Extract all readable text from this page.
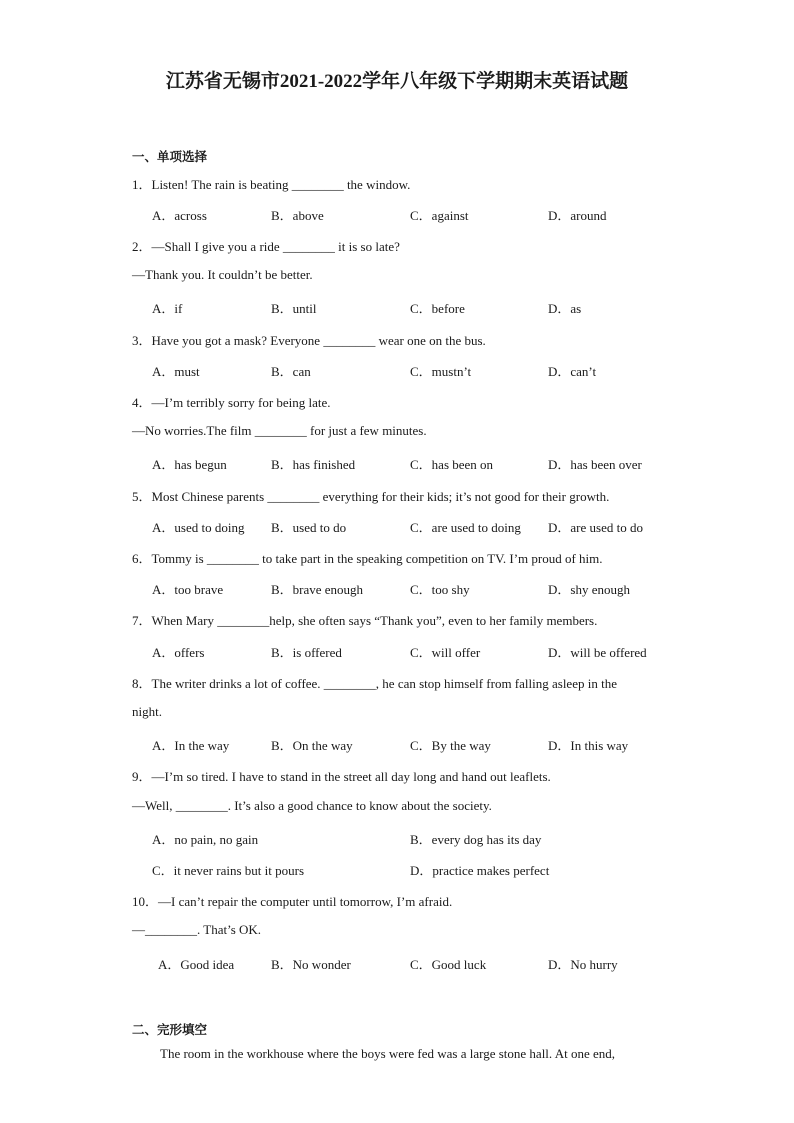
江苏省无锡市2021-2022学年八年级下学期期末英语试题
一、单项选择
1．Listen! The rain is beating ________ the window.
A．across	B．above	C．against	D．around
2．—Shall I give you a ride ________ it is so late?
—Thank you. It couldn’t be better.
A．if	B．until	C．before	D．as
3．Have you got a mask? Everyone ________ wear one on the bus.
A．must	B．can	C．mustn’t	D．can’t
4．—I’m terribly sorry for being late.
—No worries.The film ________ for just a few minutes.
A．has begun	B．has finished	C．has been on	D．has been over
5．Most Chinese parents ________ everything for their kids; it’s not good for their growth.
A．used to doing B．used to do	C．are used to doing D．are used to do
6．Tommy is ________ to take part in the speaking competition on TV. I’m proud of him.
A．too brave	B．brave enough	C．too shy	D．shy enough
7．When Mary ________help, she often says “Thank you”, even to her family members.
A．offers	B．is offered	C．will offer	D．will be offered
8．The writer drinks a lot of coffee. ________, he can stop himself from falling asleep in the
night.
A．In the way	B．On the way	C．By the way	D．In this way
9．—I’m so tired. I have to stand in the street all day long and hand out leaflets.
—Well, ________. It’s also a good chance to know about the society.
A．no pain, no gain	B．every dog has its day
C．it never rains but it pours	D．practice makes perfect
10．—I can’t repair the computer until tomorrow, I’m afraid.
—________. That’s OK.
A．Good idea	B．No wonder	C．Good luck	D．No hurry
二、完形填空
The room in the workhouse where the boys were fed was a large stone hall. At one end,
